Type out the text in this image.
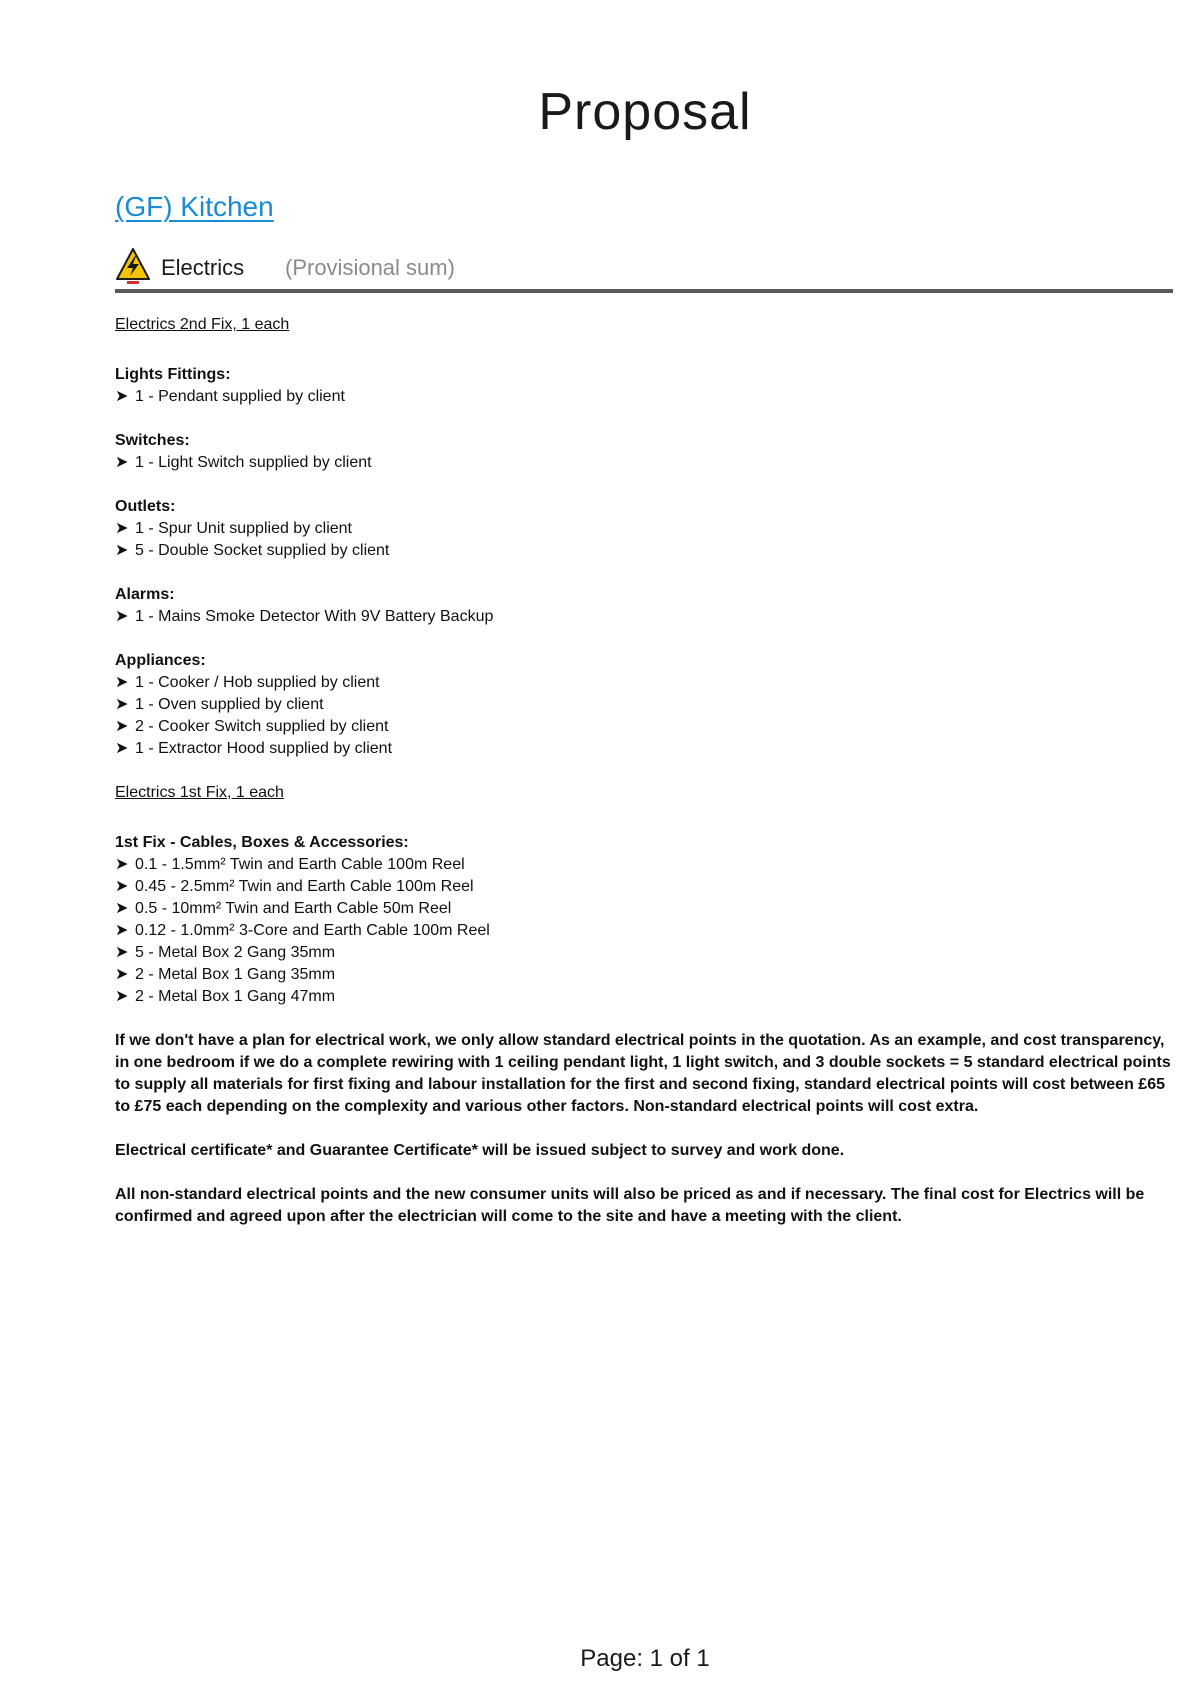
Proposal
(GF) Kitchen
Electrics (Provisional sum)
Electrics 2nd Fix, 1 each
Lights Fittings:
➤ 1 - Pendant supplied by client
Switches:
➤ 1 - Light Switch supplied by client
Outlets:
➤ 1 - Spur Unit supplied by client
➤ 5 - Double Socket supplied by client
Alarms:
➤ 1 - Mains Smoke Detector With 9V Battery Backup
Appliances:
➤ 1 - Cooker / Hob supplied by client
➤ 1 - Oven supplied by client
➤ 2 - Cooker Switch supplied by client
➤ 1 - Extractor Hood supplied by client
Electrics 1st Fix, 1 each
1st Fix - Cables, Boxes & Accessories:
➤ 0.1 - 1.5mm² Twin and Earth Cable 100m Reel
➤ 0.45 - 2.5mm² Twin and Earth Cable 100m Reel
➤ 0.5 - 10mm² Twin and Earth Cable 50m Reel
➤ 0.12 - 1.0mm² 3-Core and Earth Cable 100m Reel
➤ 5 - Metal Box 2 Gang 35mm
➤ 2 - Metal Box 1 Gang 35mm
➤ 2 - Metal Box 1 Gang 47mm
If we don't have a plan for electrical work, we only allow standard electrical points in the quotation. As an example, and cost transparency, in one bedroom if we do a complete rewiring with 1 ceiling pendant light, 1 light switch, and 3 double sockets = 5 standard electrical points to supply all materials for first fixing and labour installation for the first and second fixing, standard electrical points will cost between £65 to £75 each depending on the complexity and various other factors. Non-standard electrical points will cost extra.
Electrical certificate* and Guarantee Certificate* will be issued subject to survey and work done.
All non-standard electrical points and the new consumer units will also be priced as and if necessary. The final cost for Electrics will be confirmed and agreed upon after the electrician will come to the site and have a meeting with the client.
Page: 1 of 1
